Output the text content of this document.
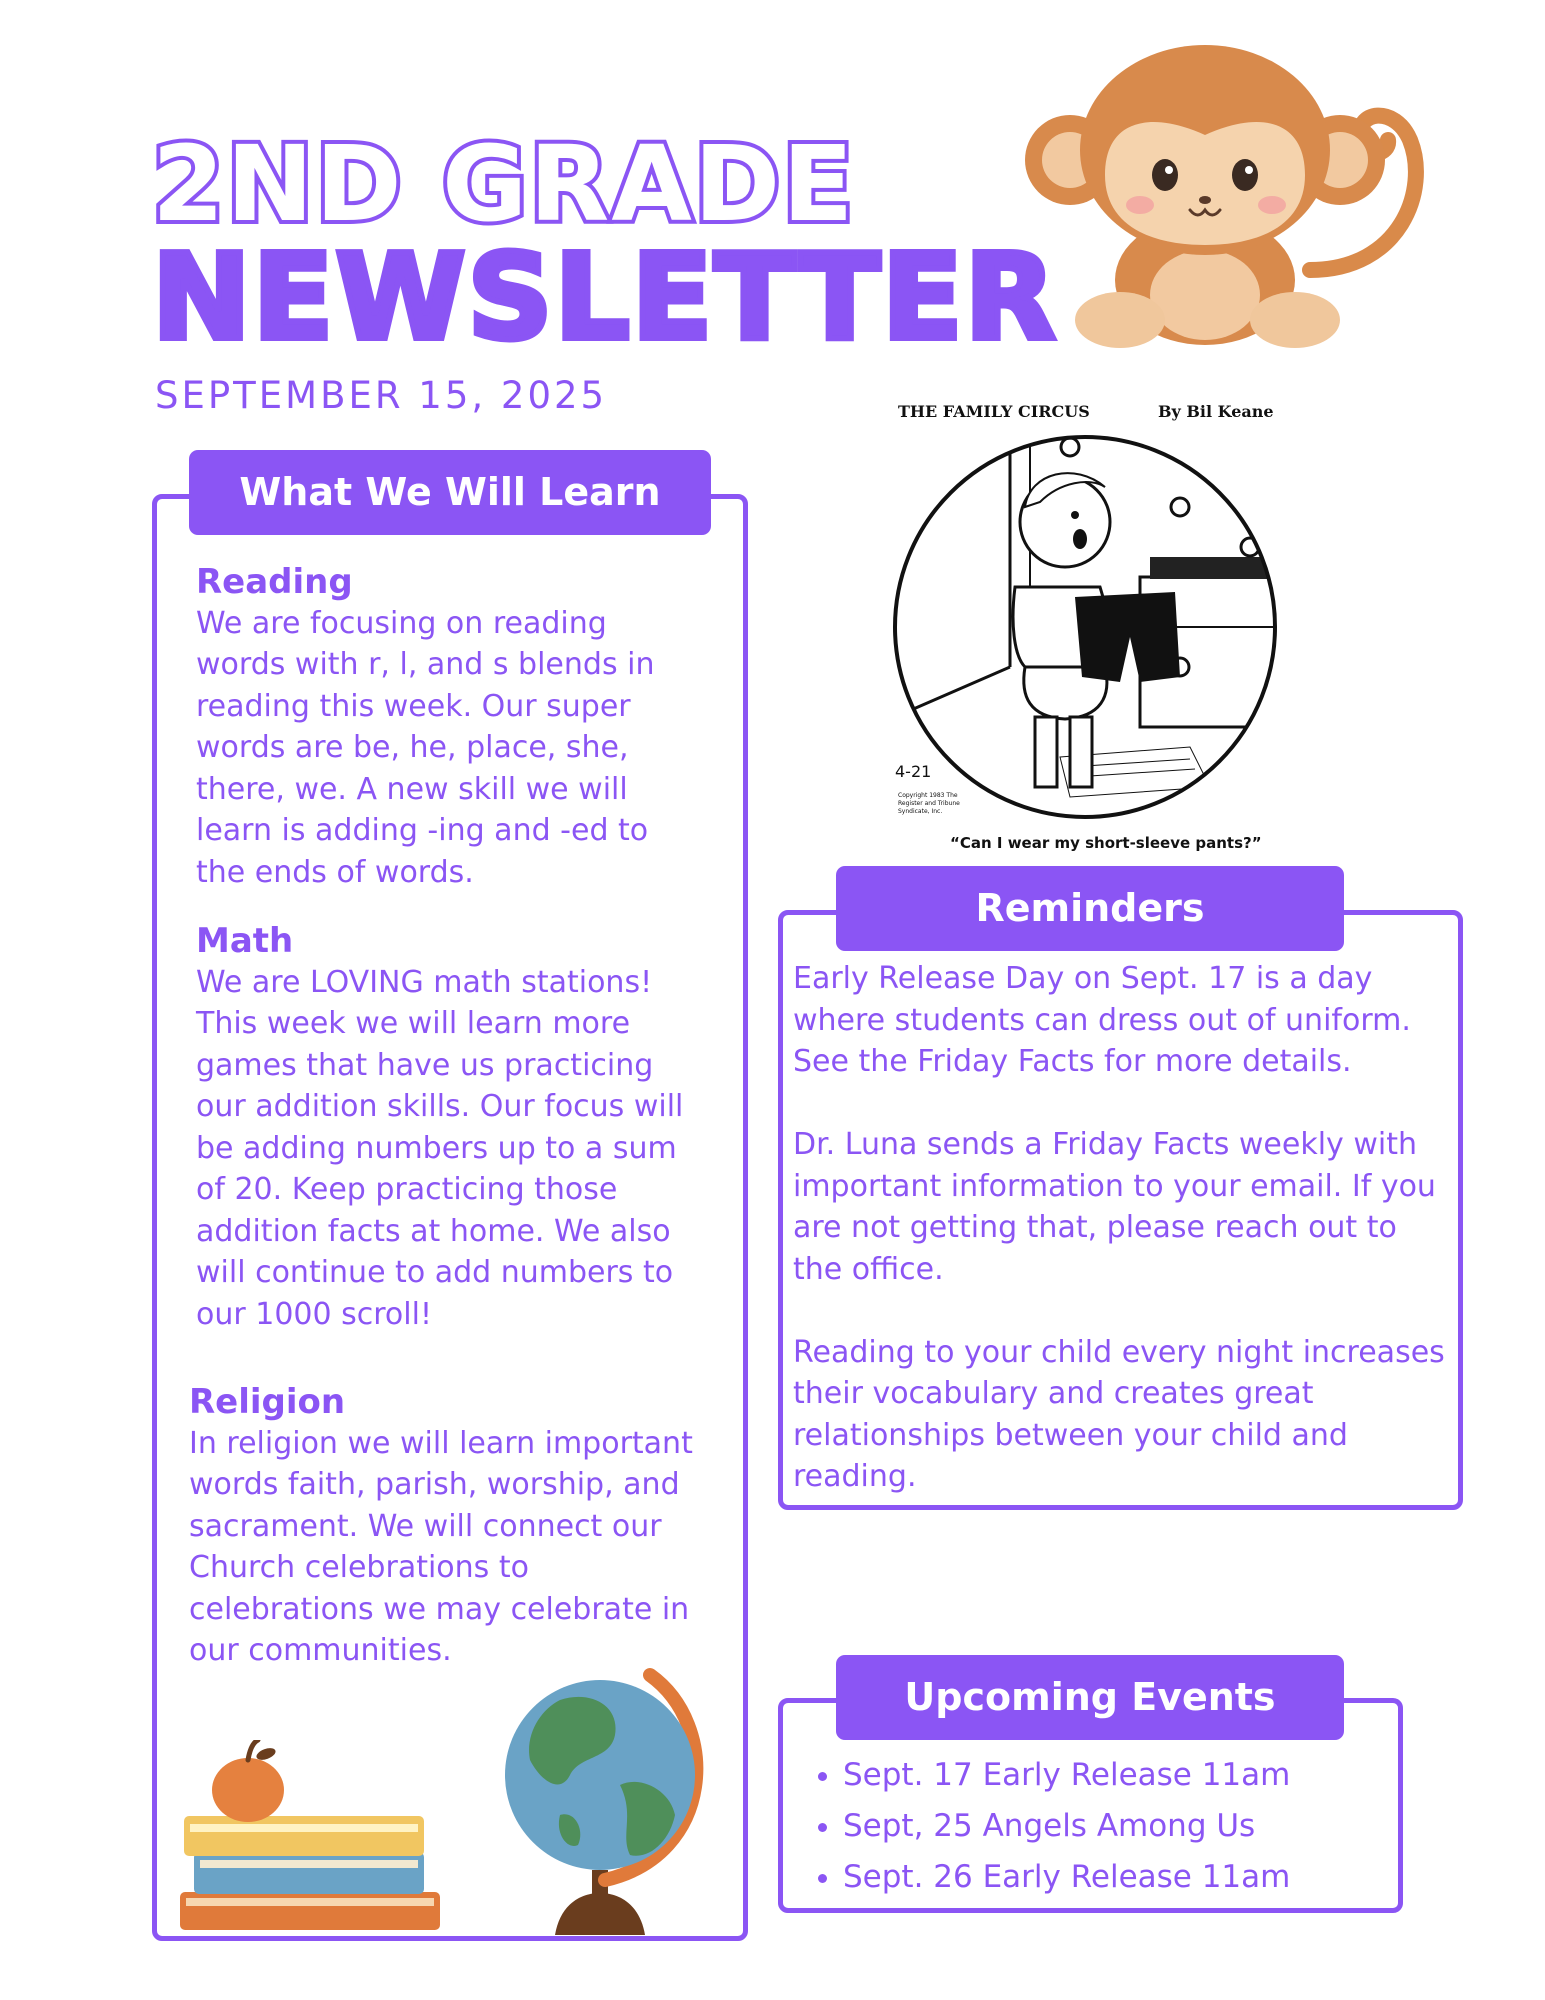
2ND GRADE
NEWSLETTER
SEPTEMBER 15, 2025
What We Will Learn
Reading
We are focusing on reading words with r, l, and s blends in reading this week. Our super words are be, he, place, she, there, we. A new skill we will learn is adding -ing and -ed to the ends of words.
Math
We are LOVING math stations! This week we will learn more games that have us practicing our addition skills. Our focus will be adding numbers up to a sum of 20. Keep practicing those addition facts at home. We also will continue to add numbers to our 1000 scroll!
Religion
In religion we will learn important words faith, parish, worship, and sacrament. We will connect our Church celebrations to celebrations we may celebrate in our communities.
THE FAMILY CIRCUS	By Bil Keane
4-21
Copyright 1983 The Register and Tribune Syndicate, Inc.
“Can I wear my short-sleeve pants?”
Reminders
Early Release Day on Sept. 17 is a day where students can dress out of uniform. See the Friday Facts for more details.
Dr. Luna sends a Friday Facts weekly with important information to your email. If you are not getting that, please reach out to the office.
Reading to your child every night increases their vocabulary and creates great relationships between your child and reading.
Upcoming Events
• Sept. 17 Early Release 11am
• Sept, 25 Angels Among Us
• Sept. 26 Early Release 11am
